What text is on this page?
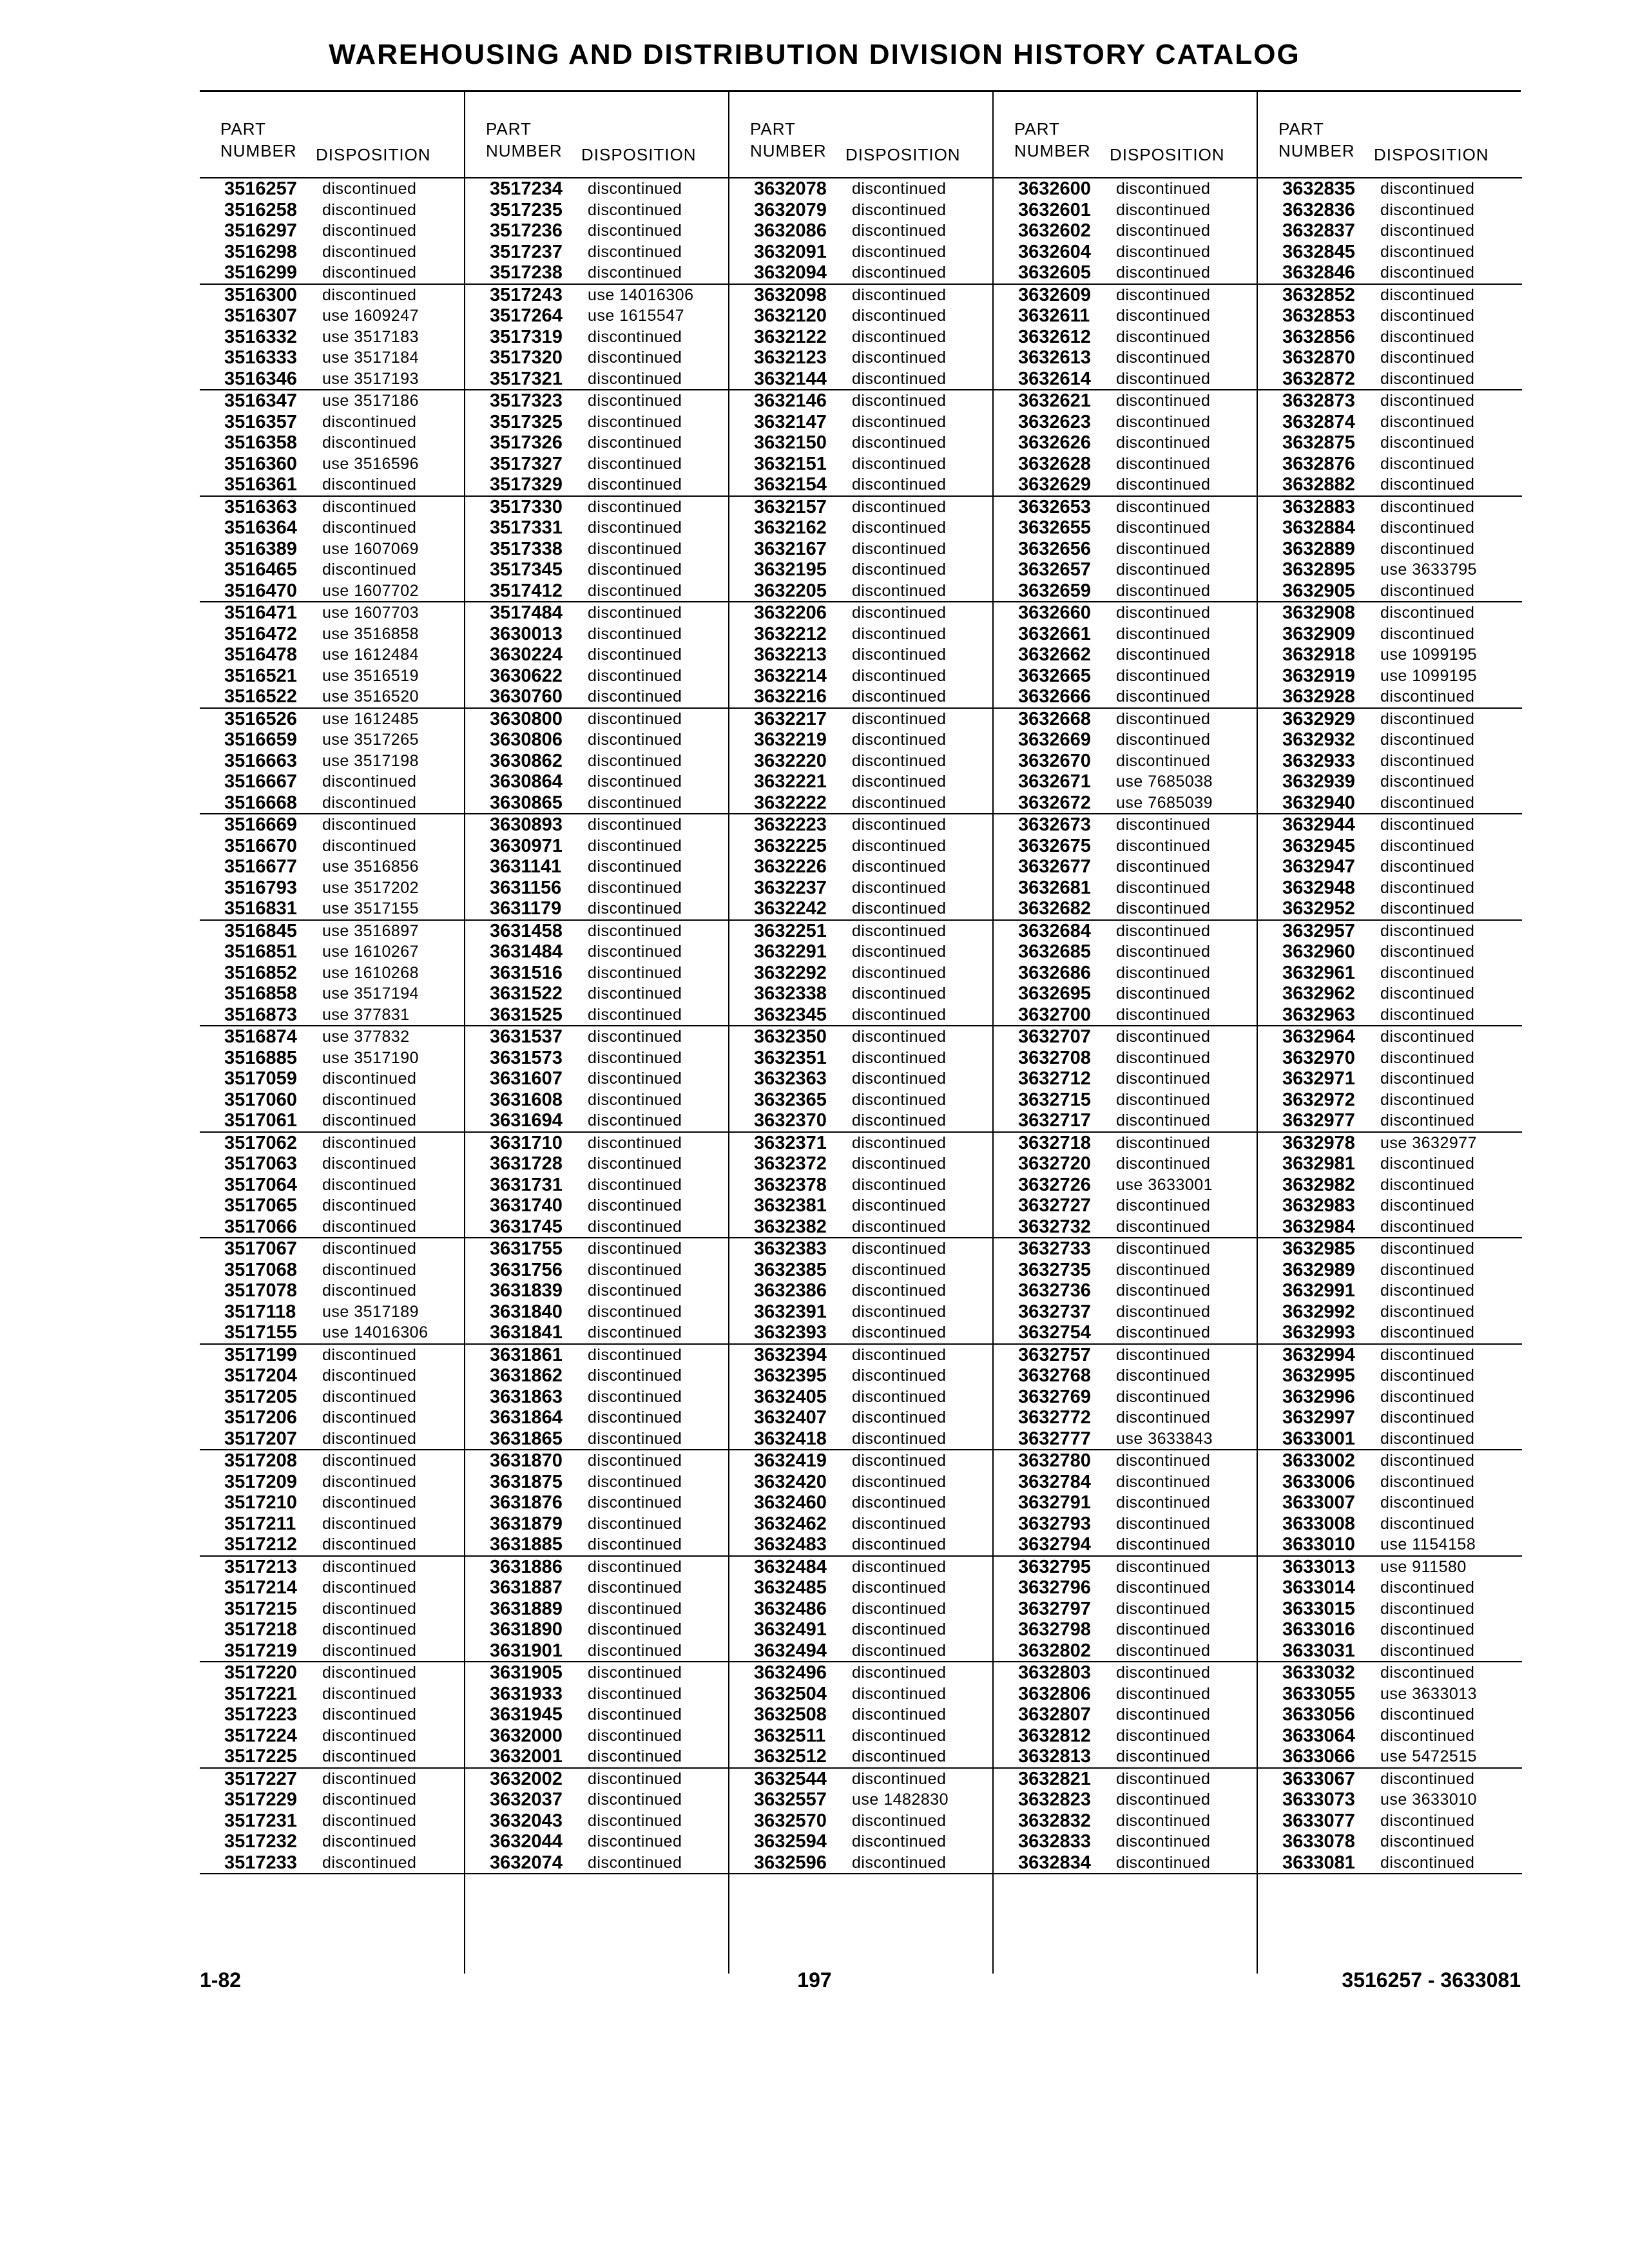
WAREHOUSING AND DISTRIBUTION DIVISION HISTORY CATALOG
PART
NUMBER DISPOSITION
3516257 discontinued
3516258 discontinued
3516297 discontinued
3516298 discontinued
3516299 discontinued
3516300 discontinued
3516307 use 1609247
3516332 use 3517183
3516333 use 3517184
3516346 use 3517193
3516347 use 3517186
3516357 discontinued
3516358 discontinued
3516360 use 3516596
3516361 discontinued
3516363 discontinued
3516364 discontinued
3516389 use 1607069
3516465 discontinued
3516470 use 1607702
3516471 use 1607703
3516472 use 3516858
3516478 use 1612484
3516521 use 3516519
3516522 use 3516520
3516526 use 1612485
3516659 use 3517265
3516663 use 3517198
3516667 discontinued
3516668 discontinued
3516669 discontinued
3516670 discontinued
3516677 use 3516856
3516793 use 3517202
3516831 use 3517155
3516845 use 3516897
3516851 use 1610267
3516852 use 1610268
3516858 use 3517194
3516873 use 377831
3516874 use 377832
3516885 use 3517190
3517059 discontinued
3517060 discontinued
3517061 discontinued
3517062 discontinued
3517063 discontinued
3517064 discontinued
3517065 discontinued
3517066 discontinued
3517067 discontinued
3517068 discontinued
3517078 discontinued
3517118 use 3517189
3517155 use 14016306
3517199 discontinued
3517204 discontinued
3517205 discontinued
3517206 discontinued
3517207 discontinued
3517208 discontinued
3517209 discontinued
3517210 discontinued
3517211 discontinued
3517212 discontinued
3517213 discontinued
3517214 discontinued
3517215 discontinued
3517218 discontinued
3517219 discontinued
3517220 discontinued
3517221 discontinued
3517223 discontinued
3517224 discontinued
3517225 discontinued
3517227 discontinued
3517229 discontinued
3517231 discontinued
3517232 discontinued
3517233 discontinued
PART
NUMBER DISPOSITION
3517234 discontinued
3517235 discontinued
3517236 discontinued
3517237 discontinued
3517238 discontinued
3517243 use 14016306
3517264 use 1615547
3517319 discontinued
3517320 discontinued
3517321 discontinued
3517323 discontinued
3517325 discontinued
3517326 discontinued
3517327 discontinued
3517329 discontinued
3517330 discontinued
3517331 discontinued
3517338 discontinued
3517345 discontinued
3517412 discontinued
3517484 discontinued
3630013 discontinued
3630224 discontinued
3630622 discontinued
3630760 discontinued
3630800 discontinued
3630806 discontinued
3630862 discontinued
3630864 discontinued
3630865 discontinued
3630893 discontinued
3630971 discontinued
3631141 discontinued
3631156 discontinued
3631179 discontinued
3631458 discontinued
3631484 discontinued
3631516 discontinued
3631522 discontinued
3631525 discontinued
3631537 discontinued
3631573 discontinued
3631607 discontinued
3631608 discontinued
3631694 discontinued
3631710 discontinued
3631728 discontinued
3631731 discontinued
3631740 discontinued
3631745 discontinued
3631755 discontinued
3631756 discontinued
3631839 discontinued
3631840 discontinued
3631841 discontinued
3631861 discontinued
3631862 discontinued
3631863 discontinued
3631864 discontinued
3631865 discontinued
3631870 discontinued
3631875 discontinued
3631876 discontinued
3631879 discontinued
3631885 discontinued
3631886 discontinued
3631887 discontinued
3631889 discontinued
3631890 discontinued
3631901 discontinued
3631905 discontinued
3631933 discontinued
3631945 discontinued
3632000 discontinued
3632001 discontinued
3632002 discontinued
3632037 discontinued
3632043 discontinued
3632044 discontinued
3632074 discontinued
PART
NUMBER DISPOSITION
3632078 discontinued
3632079 discontinued
3632086 discontinued
3632091 discontinued
3632094 discontinued
3632098 discontinued
3632120 discontinued
3632122 discontinued
3632123 discontinued
3632144 discontinued
3632146 discontinued
3632147 discontinued
3632150 discontinued
3632151 discontinued
3632154 discontinued
3632157 discontinued
3632162 discontinued
3632167 discontinued
3632195 discontinued
3632205 discontinued
3632206 discontinued
3632212 discontinued
3632213 discontinued
3632214 discontinued
3632216 discontinued
3632217 discontinued
3632219 discontinued
3632220 discontinued
3632221 discontinued
3632222 discontinued
3632223 discontinued
3632225 discontinued
3632226 discontinued
3632237 discontinued
3632242 discontinued
3632251 discontinued
3632291 discontinued
3632292 discontinued
3632338 discontinued
3632345 discontinued
3632350 discontinued
3632351 discontinued
3632363 discontinued
3632365 discontinued
3632370 discontinued
3632371 discontinued
3632372 discontinued
3632378 discontinued
3632381 discontinued
3632382 discontinued
3632383 discontinued
3632385 discontinued
3632386 discontinued
3632391 discontinued
3632393 discontinued
3632394 discontinued
3632395 discontinued
3632405 discontinued
3632407 discontinued
3632418 discontinued
3632419 discontinued
3632420 discontinued
3632460 discontinued
3632462 discontinued
3632483 discontinued
3632484 discontinued
3632485 discontinued
3632486 discontinued
3632491 discontinued
3632494 discontinued
3632496 discontinued
3632504 discontinued
3632508 discontinued
3632511 discontinued
3632512 discontinued
3632544 discontinued
3632557 use 1482830
3632570 discontinued
3632594 discontinued
3632596 discontinued
PART
NUMBER DISPOSITION
3632600 discontinued
3632601 discontinued
3632602 discontinued
3632604 discontinued
3632605 discontinued
3632609 discontinued
3632611 discontinued
3632612 discontinued
3632613 discontinued
3632614 discontinued
3632621 discontinued
3632623 discontinued
3632626 discontinued
3632628 discontinued
3632629 discontinued
3632653 discontinued
3632655 discontinued
3632656 discontinued
3632657 discontinued
3632659 discontinued
3632660 discontinued
3632661 discontinued
3632662 discontinued
3632665 discontinued
3632666 discontinued
3632668 discontinued
3632669 discontinued
3632670 discontinued
3632671 use 7685038
3632672 use 7685039
3632673 discontinued
3632675 discontinued
3632677 discontinued
3632681 discontinued
3632682 discontinued
3632684 discontinued
3632685 discontinued
3632686 discontinued
3632695 discontinued
3632700 discontinued
3632707 discontinued
3632708 discontinued
3632712 discontinued
3632715 discontinued
3632717 discontinued
3632718 discontinued
3632720 discontinued
3632726 use 3633001
3632727 discontinued
3632732 discontinued
3632733 discontinued
3632735 discontinued
3632736 discontinued
3632737 discontinued
3632754 discontinued
3632757 discontinued
3632768 discontinued
3632769 discontinued
3632772 discontinued
3632777 use 3633843
3632780 discontinued
3632784 discontinued
3632791 discontinued
3632793 discontinued
3632794 discontinued
3632795 discontinued
3632796 discontinued
3632797 discontinued
3632798 discontinued
3632802 discontinued
3632803 discontinued
3632806 discontinued
3632807 discontinued
3632812 discontinued
3632813 discontinued
3632821 discontinued
3632823 discontinued
3632832 discontinued
3632833 discontinued
3632834 discontinued
PART
NUMBER DISPOSITION
3632835 discontinued
3632836 discontinued
3632837 discontinued
3632845 discontinued
3632846 discontinued
3632852 discontinued
3632853 discontinued
3632856 discontinued
3632870 discontinued
3632872 discontinued
3632873 discontinued
3632874 discontinued
3632875 discontinued
3632876 discontinued
3632882 discontinued
3632883 discontinued
3632884 discontinued
3632889 discontinued
3632895 use 3633795
3632905 discontinued
3632908 discontinued
3632909 discontinued
3632918 use 1099195
3632919 use 1099195
3632928 discontinued
3632929 discontinued
3632932 discontinued
3632933 discontinued
3632939 discontinued
3632940 discontinued
3632944 discontinued
3632945 discontinued
3632947 discontinued
3632948 discontinued
3632952 discontinued
3632957 discontinued
3632960 discontinued
3632961 discontinued
3632962 discontinued
3632963 discontinued
3632964 discontinued
3632970 discontinued
3632971 discontinued
3632972 discontinued
3632977 discontinued
3632978 use 3632977
3632981 discontinued
3632982 discontinued
3632983 discontinued
3632984 discontinued
3632985 discontinued
3632989 discontinued
3632991 discontinued
3632992 discontinued
3632993 discontinued
3632994 discontinued
3632995 discontinued
3632996 discontinued
3632997 discontinued
3633001 discontinued
3633002 discontinued
3633006 discontinued
3633007 discontinued
3633008 discontinued
3633010 use 1154158
3633013 use 911580
3633014 discontinued
3633015 discontinued
3633016 discontinued
3633031 discontinued
3633032 discontinued
3633055 use 3633013
3633056 discontinued
3633064 discontinued
3633066 use 5472515
3633067 discontinued
3633073 use 3633010
3633077 discontinued
3633078 discontinued
3633081 discontinued
1-82	197	3516257 - 3633081
